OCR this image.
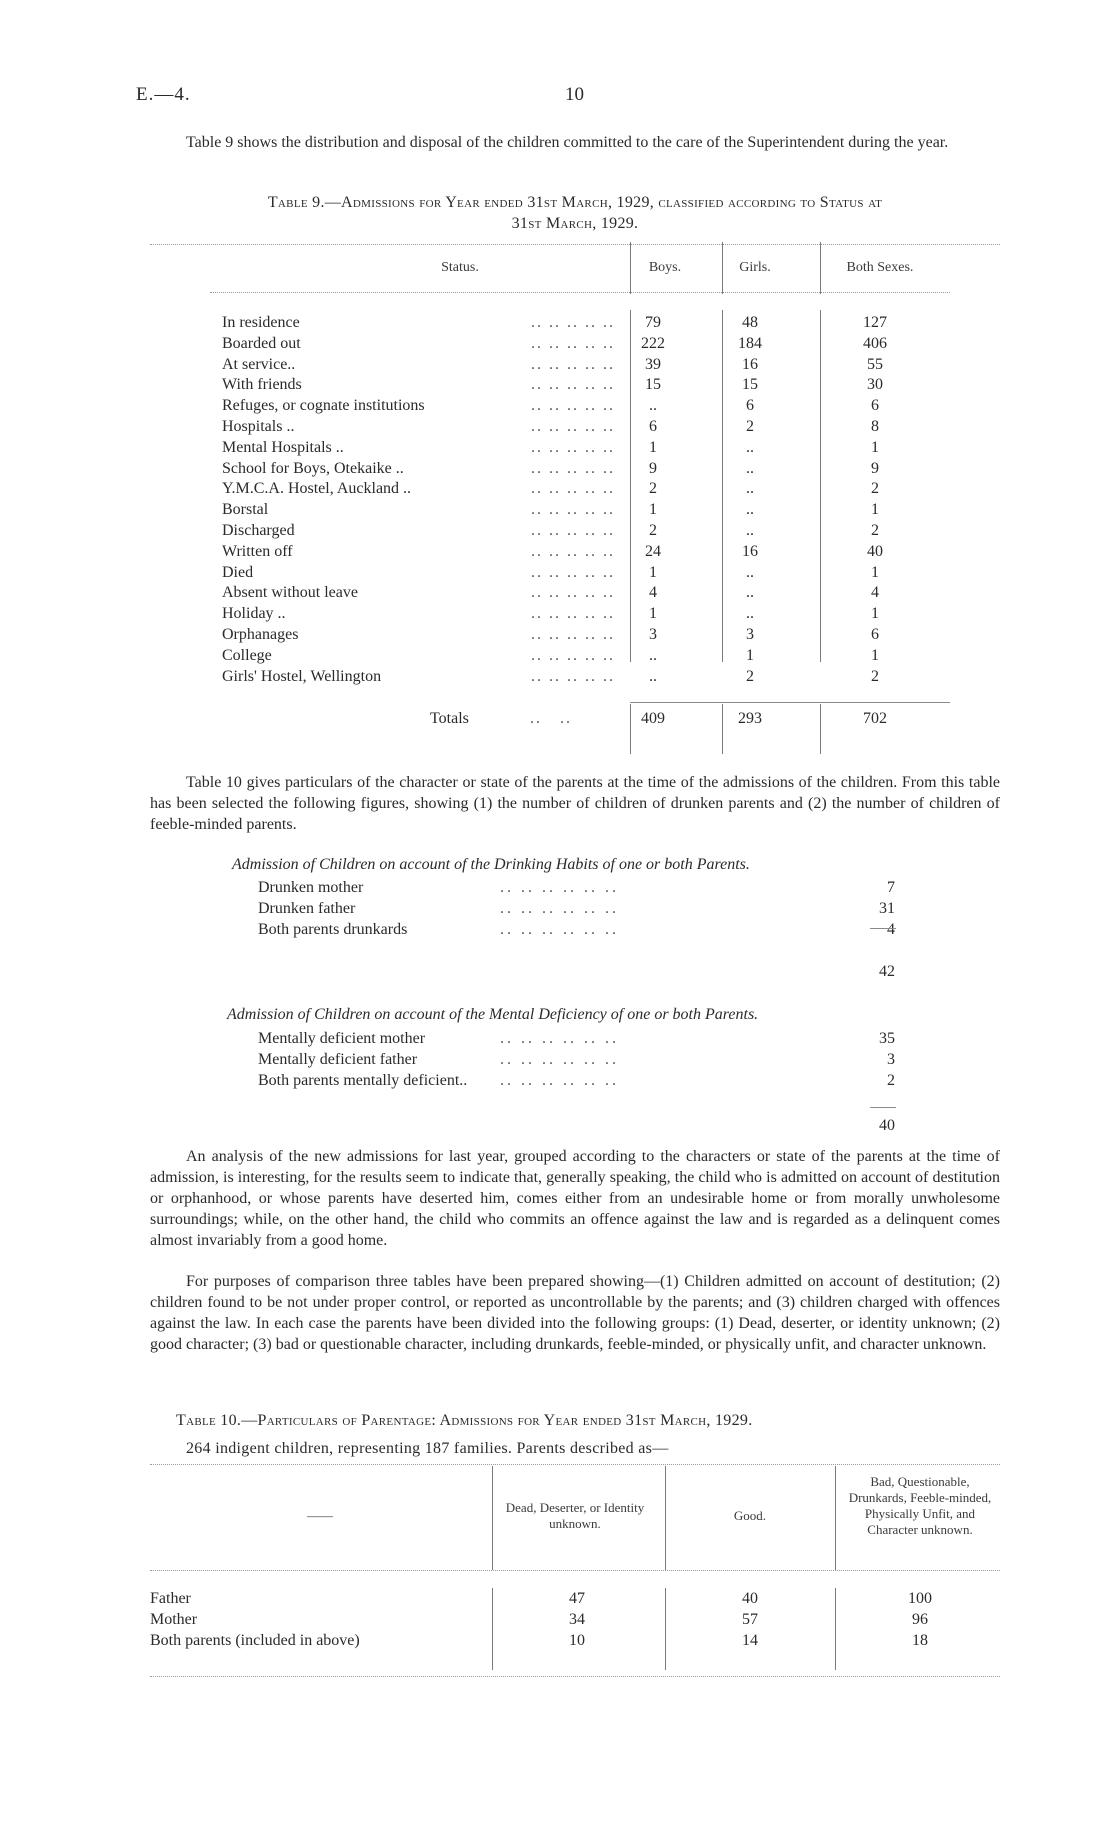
E.—4.	10
Table 9 shows the distribution and disposal of the children committed to the care of the Superintendent during the year.
Table 9.—Admissions for Year ended 31st March, 1929, classified according to Status at
31st March, 1929.
Status.	Boys.	Girls.	Both Sexes.
In residence	79	48	127
.. .. .. .. ..
Boarded out	222	184	406
.. .. .. .. ..
At service..	39	16	55
.. .. .. .. ..
With friends	15	15	30
.. .. .. .. ..
Refuges, or cognate institutions	..	6	6
.. .. .. .. ..
Hospitals ..	6	2	8
.. .. .. .. ..
Mental Hospitals ..	1	..	1
.. .. .. .. ..
School for Boys, Otekaike ..	9	..	9
.. .. .. .. ..
Y.M.C.A. Hostel, Auckland ..	2	..	2
.. .. .. .. ..
Borstal	1	..	1
.. .. .. .. ..
Discharged	2	..	2
.. .. .. .. ..
Written off	24	16	40
.. .. .. .. ..
Died	1	..	1
.. .. .. .. ..
Absent without leave	4	..	4
.. .. .. .. ..
Holiday ..	1	..	1
.. .. .. .. ..
Orphanages	3	3	6
.. .. .. .. ..
College	..	1	1
.. .. .. .. ..
Girls' Hostel, Wellington	..	2	2
.. .. .. .. ..
Totals	..   ..	409	293	702
Table 10 gives particulars of the character or state of the parents at the time of the admissions of the children. From this table has been selected the following figures, showing (1) the number of children of drunken parents and (2) the number of children of feeble-minded parents.
Admission of Children on account of the Drinking Habits of one or both Parents.
Drunken mother	.. .. .. .. .. ..	7
Drunken father	.. .. .. .. .. ..	31
Both parents drunkards	.. .. .. .. .. ..	4
42
Admission of Children on account of the Mental Deficiency of one or both Parents.
Mentally deficient mother	.. .. .. .. .. ..	35
Mentally deficient father	.. .. .. .. .. ..	3
Both parents mentally deficient.. .. .. .. .. .. ..	2
40
An analysis of the new admissions for last year, grouped according to the characters or state of the parents at the time of admission, is interesting, for the results seem to indicate that, generally speaking, the child who is admitted on account of destitution or orphanhood, or whose parents have deserted him, comes either from an undesirable home or from morally unwholesome surroundings; while, on the other hand, the child who commits an offence against the law and is regarded as a delinquent comes almost invariably from a good home.
For purposes of comparison three tables have been prepared showing—(1) Children admitted on account of destitution; (2) children found to be not under proper control, or reported as uncontrollable by the parents; and (3) children charged with offences against the law. In each case the parents have been divided into the following groups: (1) Dead, deserter, or identity unknown; (2) good character; (3) bad or questionable character, including drunkards, feeble-minded, or physically unfit, and character unknown.
Table 10.—Particulars of Parentage: Admissions for Year ended 31st March, 1929.
264 indigent children, representing 187 families. Parents described as—
——
Dead, Deserter, or Identity unknown.
Good.
Bad, Questionable, Drunkards, Feeble-minded, Physically Unfit, and Character unknown.
Father	47	40	100
Mother	34	57	96
Both parents (included in above)	10	14	18
